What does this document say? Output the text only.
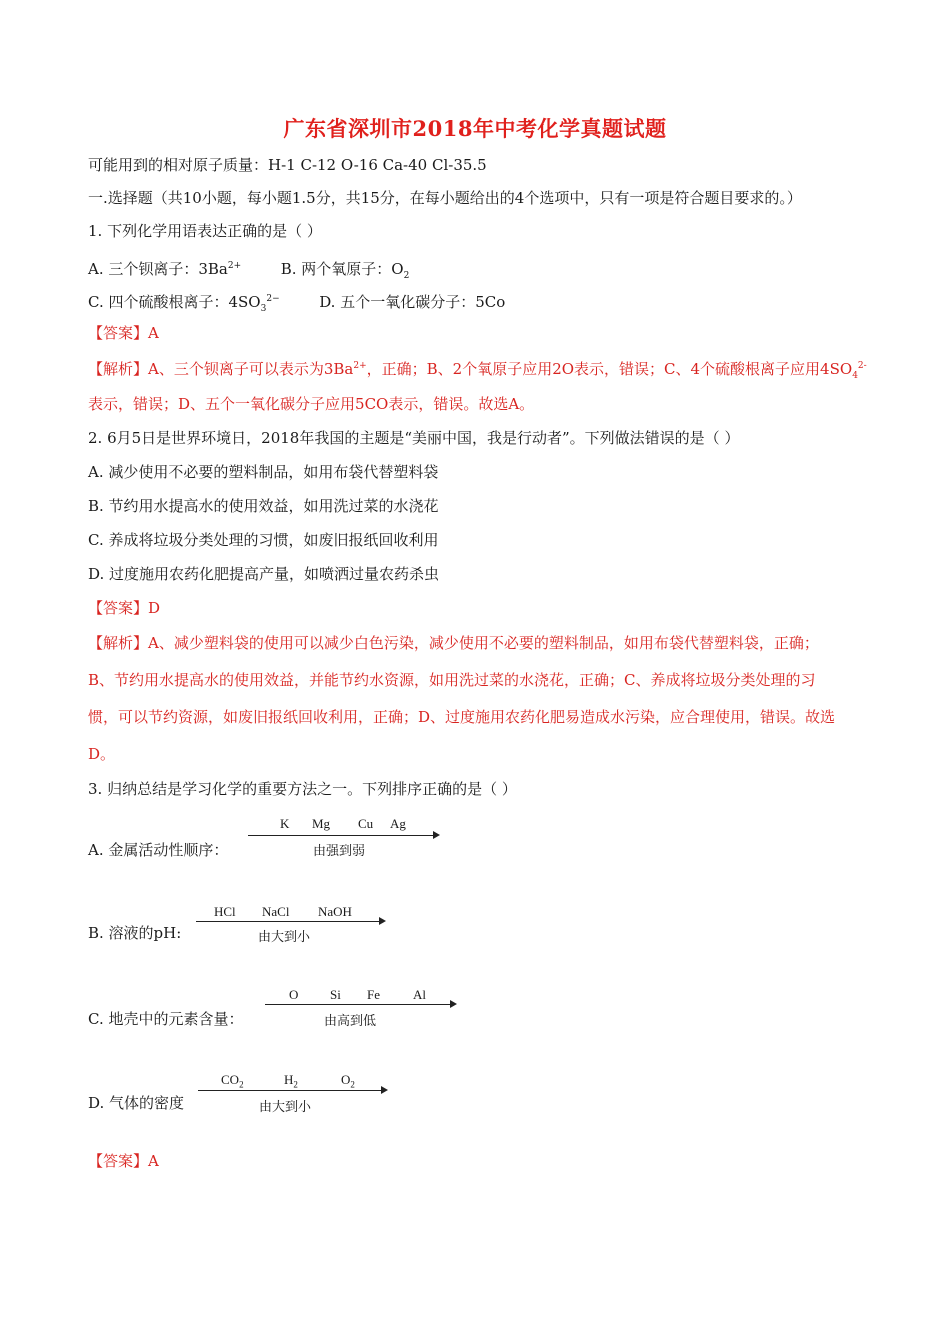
广东省深圳市2018年中考化学真题试题
可能用到的相对原子质量：H-1 C-12 O-16 Ca-40 Cl-35.5
一.选择题（共10小题，每小题1.5分，共15分，在每小题给出的4个选项中，只有一项是符合题目要求的。）
1. 下列化学用语表达正确的是（ ）
A. 三个钡离子：$3Ba^{2+}$	B. 两个氧原子：$O_2$
C. 四个硫酸根离子：$4SO_3^{2-}$	D. 五个一氧化碳分子：5Co
【答案】A
【解析】A、三个钡离子可以表示为$3Ba^{2+}$，正确；B、2个氧原子应用2O表示，错误；C、4个硫酸根离子应用$4SO_4^{2-}$
表示，错误；D、五个一氧化碳分子应用5CO表示，错误。故选A。
2. 6月5日是世界环境日，2018年我国的主题是“美丽中国，我是行动者”。下列做法错误的是（ ）
A. 减少使用不必要的塑料制品，如用布袋代替塑料袋
B. 节约用水提高水的使用效益，如用洗过菜的水浇花
C. 养成将垃圾分类处理的习惯，如废旧报纸回收利用
D. 过度施用农药化肥提高产量，如喷洒过量农药杀虫
【答案】D
【解析】A、减少塑料袋的使用可以减少白色污染，减少使用不必要的塑料制品，如用布袋代替塑料袋，正确；
B、节约用水提高水的使用效益，并能节约水资源，如用洗过菜的水浇花，正确；C、养成将垃圾分类处理的习
惯，可以节约资源，如废旧报纸回收利用，正确；D、过度施用农药化肥易造成水污染，应合理使用，错误。故选
D。
3. 归纳总结是学习化学的重要方法之一。下列排序正确的是（ ）
A. 金属活动性顺序：
K Mg Cu Ag
由强到弱
B. 溶液的pH:
HCl NaCl NaOH
由大到小
C. 地壳中的元素含量：
O Si Fe	Al
由高到低
D. 气体的密度
$CO_2$	$H_2$	$O_2$
由大到小
【答案】A
